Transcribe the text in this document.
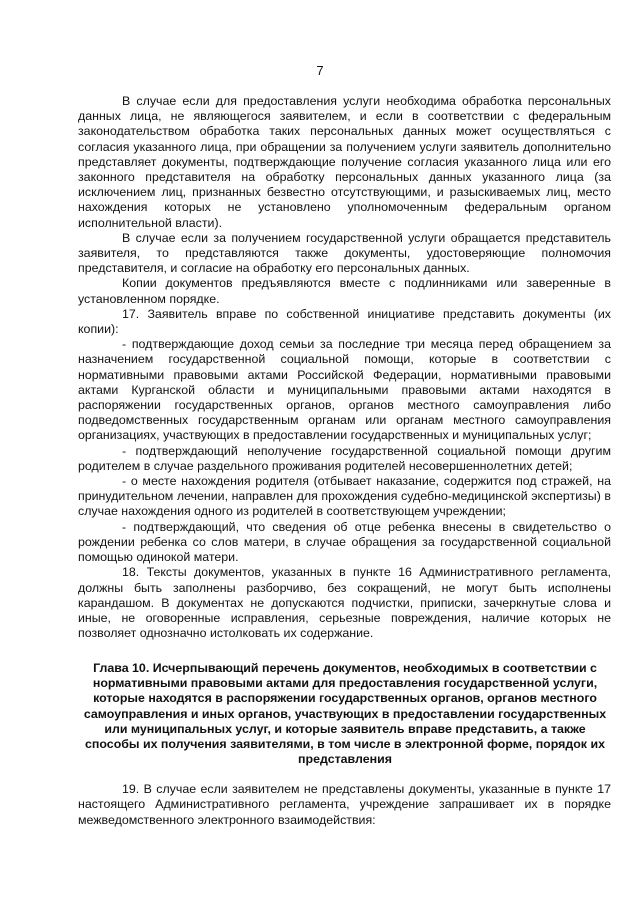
7

В случае если для предоставления услуги необходима обработка персональных данных лица, не являющегося заявителем, и если в соответствии с федеральным законодательством обработка таких персональных данных может осуществляться с согласия указанного лица, при обращении за получением услуги заявитель дополнительно представляет документы, подтверждающие получение согласия указанного лица или его законного представителя на обработку персональных данных указанного лица (за исключением лиц, признанных безвестно отсутствующими, и разыскиваемых лиц, место нахождения которых не установлено уполномоченным федеральным органом исполнительной власти).

В случае если за получением государственной услуги обращается представитель заявителя, то представляются также документы, удостоверяющие полномочия представителя, и согласие на обработку его персональных данных.

Копии документов предъявляются вместе с подлинниками или заверенные в установленном порядке.

17. Заявитель вправе по собственной инициативе представить документы (их копии):

- подтверждающие доход семьи за последние три месяца перед обращением за назначением государственной социальной помощи, которые в соответствии с нормативными правовыми актами Российской Федерации, нормативными правовыми актами Курганской области и муниципальными правовыми актами находятся в распоряжении государственных органов, органов местного самоуправления либо подведомственных государственным органам или органам местного самоуправления организациях, участвующих в предоставлении государственных и муниципальных услуг;

- подтверждающий неполучение государственной социальной помощи другим родителем в случае раздельного проживания родителей несовершеннолетних детей;

- о месте нахождения родителя (отбывает наказание, содержится под стражей, на принудительном лечении, направлен для прохождения судебно-медицинской экспертизы) в случае нахождения одного из родителей в соответствующем учреждении;

- подтверждающий, что сведения об отце ребенка внесены в свидетельство о рождении ребенка со слов матери, в случае обращения за государственной социальной помощью одинокой матери.

18. Тексты документов, указанных в пункте 16 Административного регламента, должны быть заполнены разборчиво, без сокращений, не могут быть исполнены карандашом. В документах не допускаются подчистки, приписки, зачеркнутые слова и иные, не оговоренные исправления, серьезные повреждения, наличие которых не позволяет однозначно истолковать их содержание.

Глава 10. Исчерпывающий перечень документов, необходимых в соответствии с нормативными правовыми актами для предоставления государственной услуги, которые находятся в распоряжении государственных органов, органов местного самоуправления и иных органов, участвующих в предоставлении государственных или муниципальных услуг, и которые заявитель вправе представить, а также способы их получения заявителями, в том числе в электронной форме, порядок их представления

19. В случае если заявителем не представлены документы, указанные в пункте 17 настоящего Административного регламента, учреждение запрашивает их в порядке межведомственного электронного взаимодействия:
